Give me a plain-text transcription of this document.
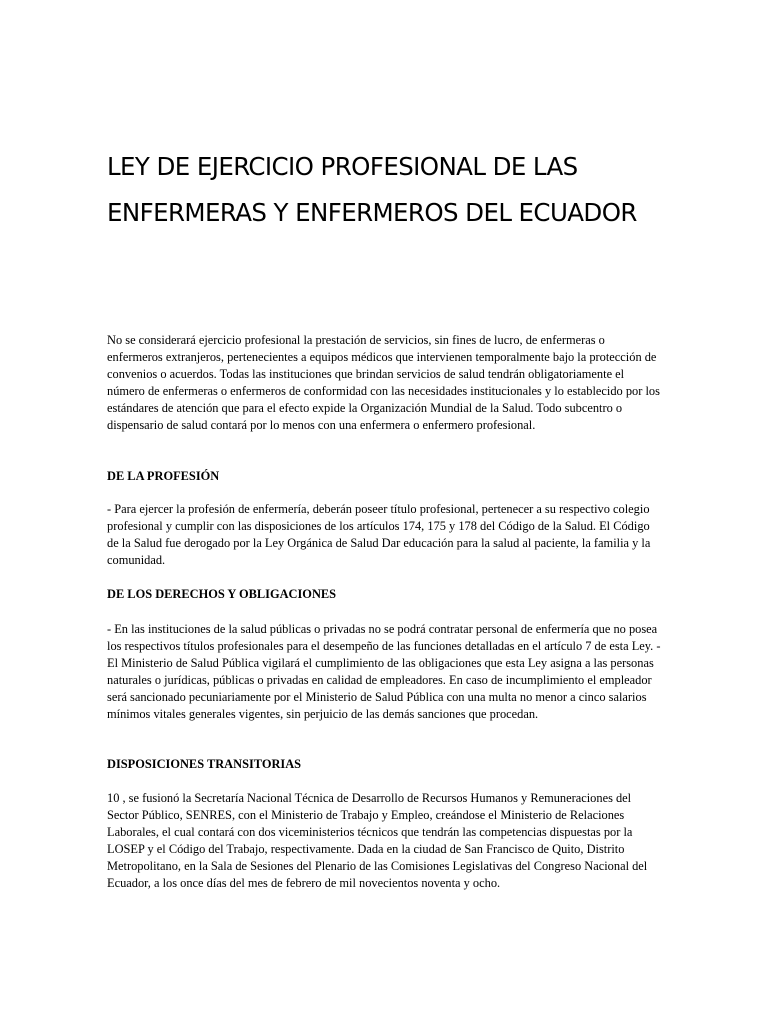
LEY DE EJERCICIO PROFESIONAL DE LAS ENFERMERAS Y ENFERMEROS DEL ECUADOR

No se considerará ejercicio profesional la prestación de servicios, sin fines de lucro, de enfermeras o enfermeros extranjeros, pertenecientes a equipos médicos que intervienen temporalmente bajo la protección de convenios o acuerdos. Todas las instituciones que brindan servicios de salud tendrán obligatoriamente el número de enfermeras o enfermeros de conformidad con las necesidades institucionales y lo establecido por los estándares de atención que para el efecto expide la Organización Mundial de la Salud. Todo subcentro o dispensario de salud contará por lo menos con una enfermera o enfermero profesional.

DE LA PROFESIÓN

- Para ejercer la profesión de enfermería, deberán poseer título profesional, pertenecer a su respectivo colegio profesional y cumplir con las disposiciones de los artículos 174, 175 y 178 del Código de la Salud. El Código de la Salud fue derogado por la Ley Orgánica de Salud Dar educación para la salud al paciente, la familia y la comunidad.

DE LOS DERECHOS Y OBLIGACIONES

- En las instituciones de la salud públicas o privadas no se podrá contratar personal de enfermería que no posea los respectivos títulos profesionales para el desempeño de las funciones detalladas en el artículo 7 de esta Ley. - El Ministerio de Salud Pública vigilará el cumplimiento de las obligaciones que esta Ley asigna a las personas naturales o jurídicas, públicas o privadas en calidad de empleadores. En caso de incumplimiento el empleador será sancionado pecuniariamente por el Ministerio de Salud Pública con una multa no menor a cinco salarios mínimos vitales generales vigentes, sin perjuicio de las demás sanciones que procedan.

DISPOSICIONES TRANSITORIAS

10 , se fusionó la Secretaría Nacional Técnica de Desarrollo de Recursos Humanos y Remuneraciones del Sector Público, SENRES, con el Ministerio de Trabajo y Empleo, creándose el Ministerio de Relaciones Laborales, el cual contará con dos viceministerios técnicos que tendrán las competencias dispuestas por la LOSEP y el Código del Trabajo, respectivamente. Dada en la ciudad de San Francisco de Quito, Distrito Metropolitano, en la Sala de Sesiones del Plenario de las Comisiones Legislativas del Congreso Nacional del Ecuador, a los once días del mes de febrero de mil novecientos noventa y ocho.
